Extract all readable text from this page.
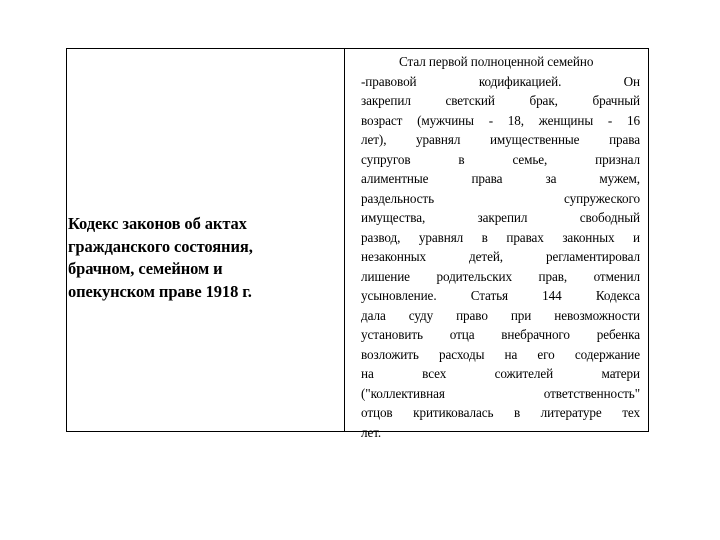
Кодекс законов об актах
гражданского состояния,
брачном, семейном и
опекунском праве 1918 г.
Стал первой полноценной семейно
-правовой кодификацией. Он
закрепил светский брак, брачный
возраст (мужчины - 18, женщины - 16
лет), уравнял имущественные права
супругов в семье, признал
алиментные права за мужем,
раздельность супружеского
имущества, закрепил свободный
развод, уравнял в правах законных и
незаконных детей, регламентировал
лишение родительских прав, отменил
усыновление. Статья 144 Кодекса
дала суду право при невозможности
установить отца внебрачного ребенка
возложить расходы на его содержание
на всех сожителей матери
("коллективная ответственность"
отцов критиковалась в литературе тех
лет.
